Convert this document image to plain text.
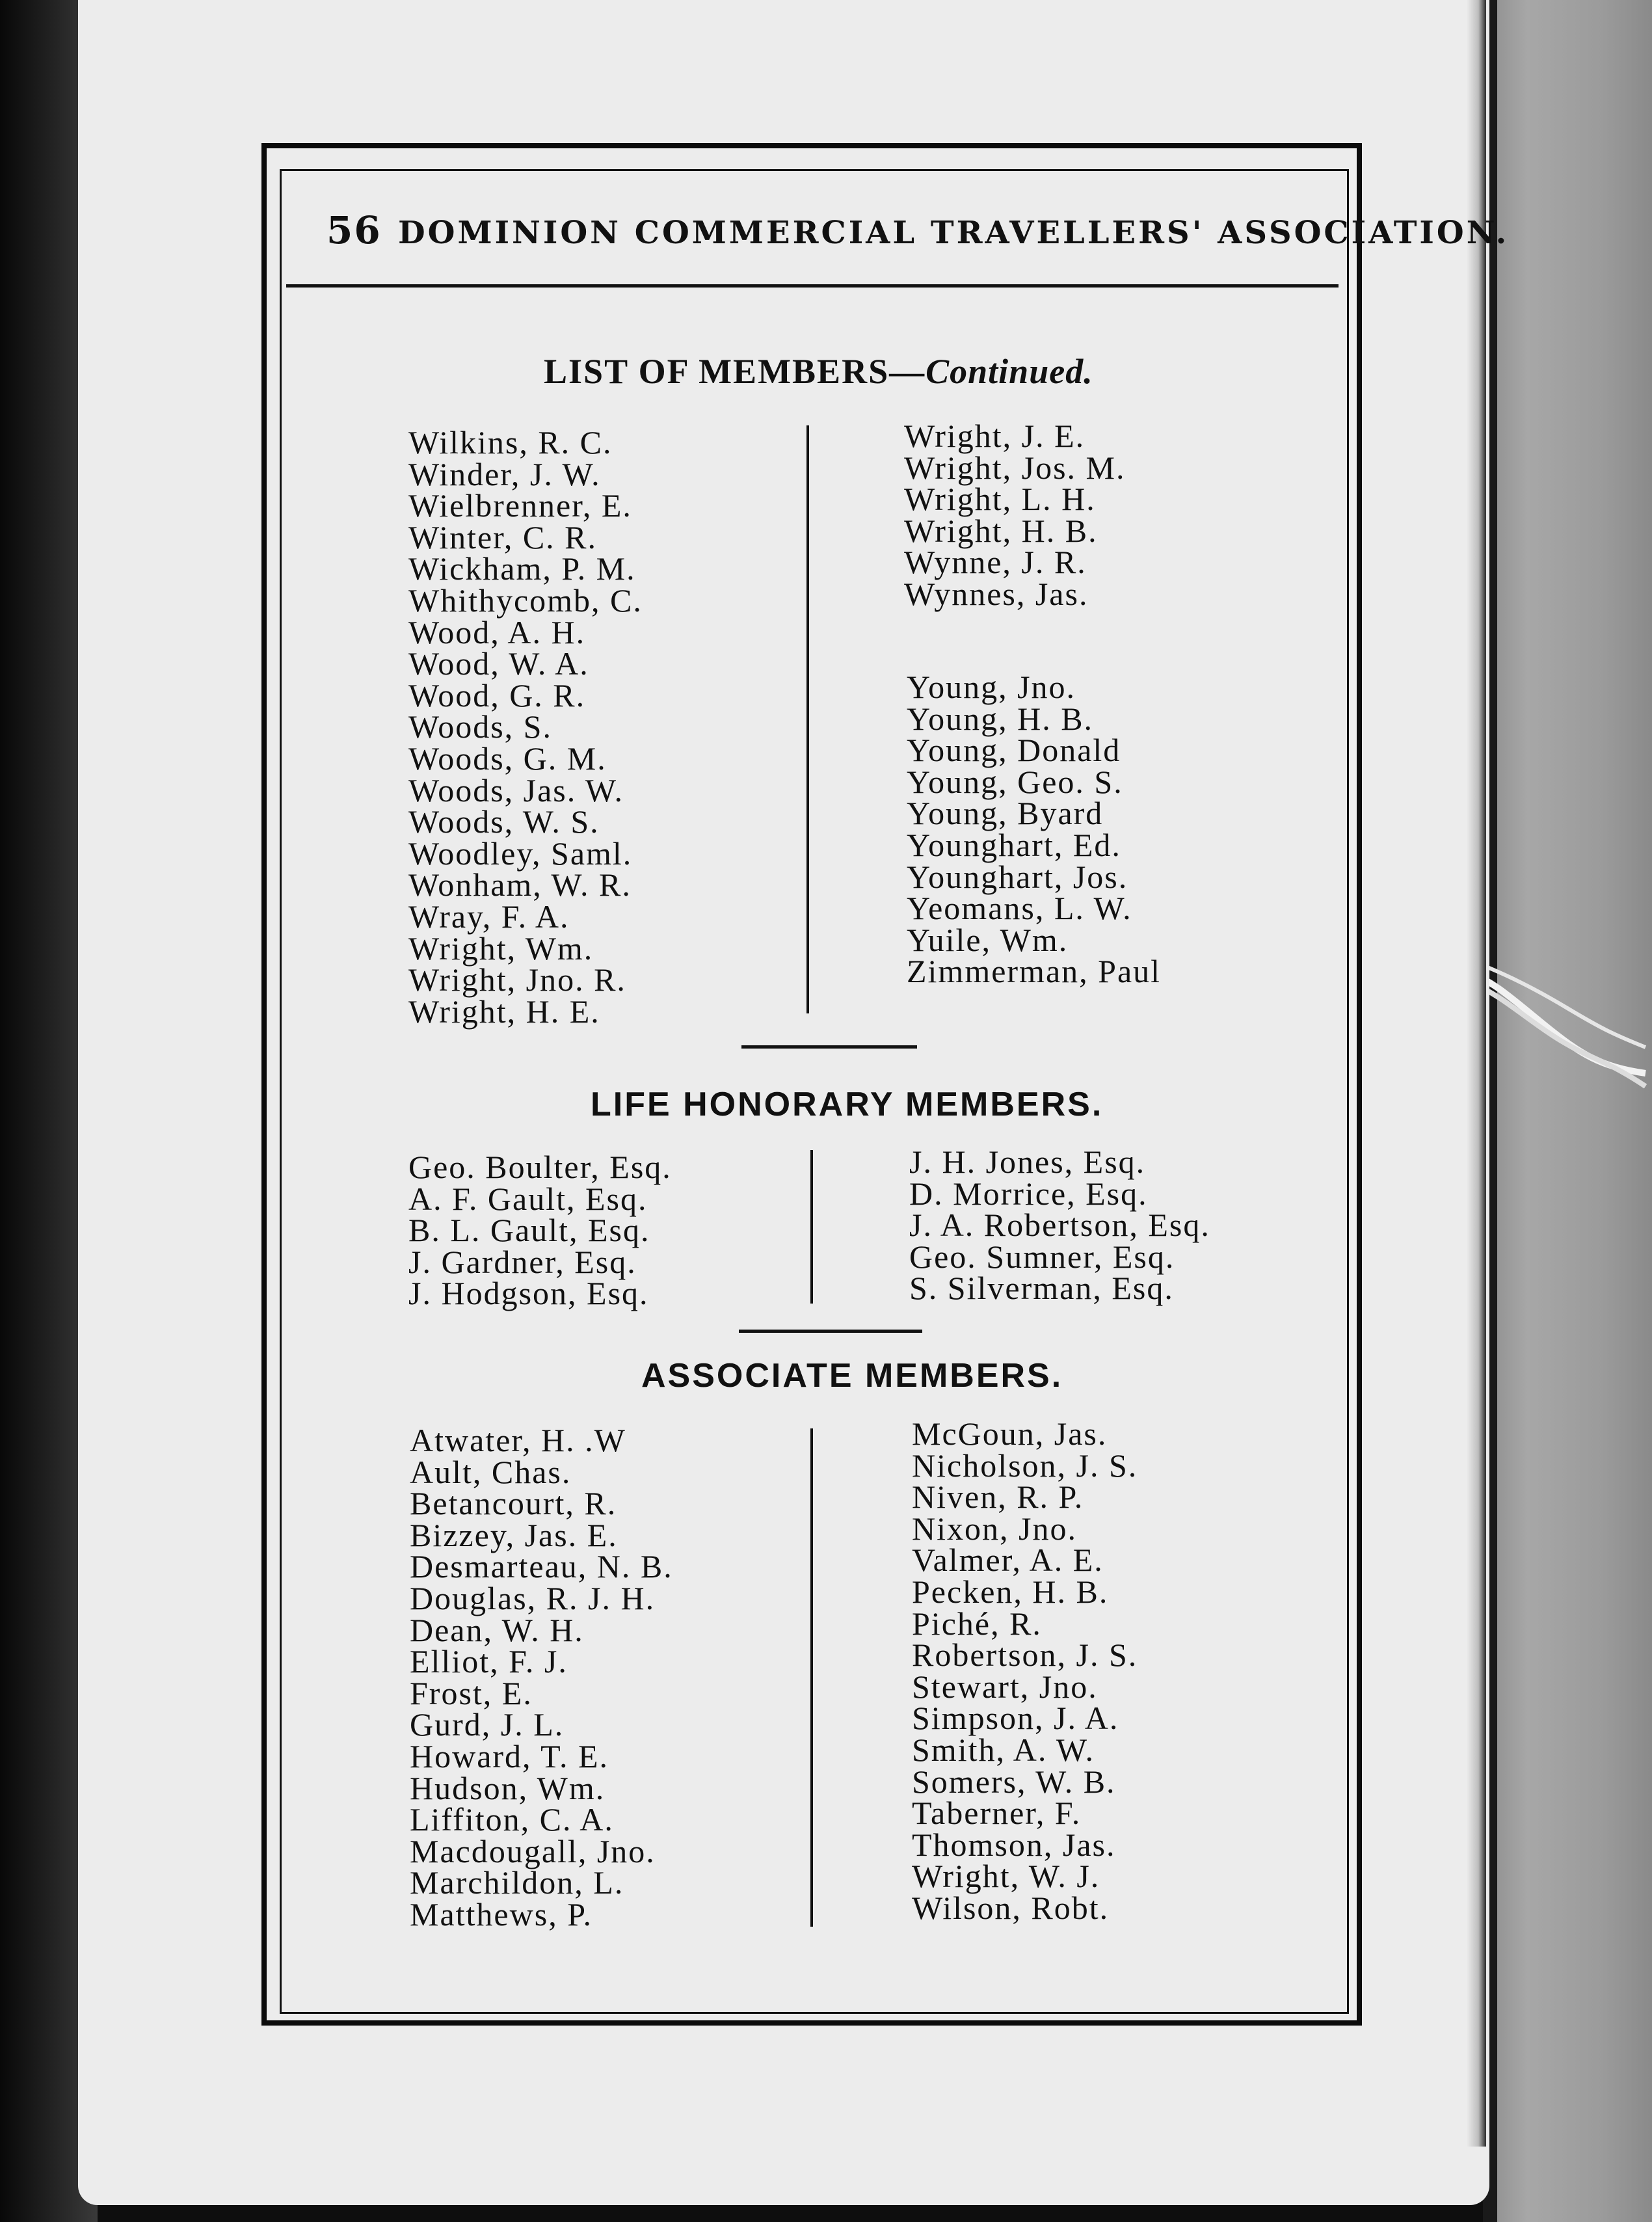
56 DOMINION COMMERCIAL TRAVELLERS' ASSOCIATION.
LIST OF MEMBERS—Continued.
Wilkins, R. C.
Winder, J. W.
Wielbrenner, E.
Winter, C. R.
Wickham, P. M.
Whithycomb, C.
Wood, A. H.
Wood, W. A.
Wood, G. R.
Woods, S.
Woods, G. M.
Woods, Jas. W.
Woods, W. S.
Woodley, Saml.
Wonham, W. R.
Wray, F. A.
Wright, Wm.
Wright, Jno. R.
Wright, H. E.
Wright, J. E.
Wright, Jos. M.
Wright, L. H.
Wright, H. B.
Wynne, J. R.
Wynnes, Jas.
Young, Jno.
Young, H. B.
Young, Donald
Young, Geo. S.
Young, Byard
Younghart, Ed.
Younghart, Jos.
Yeomans, L. W.
Yuile, Wm.
Zimmerman, Paul
LIFE HONORARY MEMBERS.
Geo. Boulter, Esq.
A. F. Gault, Esq.
B. L. Gault, Esq.
J. Gardner, Esq.
J. Hodgson, Esq.
J. H. Jones, Esq.
D. Morrice, Esq.
J. A. Robertson, Esq.
Geo. Sumner, Esq.
S. Silverman, Esq.
ASSOCIATE MEMBERS.
Atwater, H. .W
Ault, Chas.
Betancourt, R.
Bizzey, Jas. E.
Desmarteau, N. B.
Douglas, R. J. H.
Dean, W. H.
Elliot, F. J.
Frost, E.
Gurd, J. L.
Howard, T. E.
Hudson, Wm.
Liffiton, C. A.
Macdougall, Jno.
Marchildon, L.
Matthews, P.
McGoun, Jas.
Nicholson, J. S.
Niven, R. P.
Nixon, Jno.
Valmer, A. E.
Pecken, H. B.
Piché, R.
Robertson, J. S.
Stewart, Jno.
Simpson, J. A.
Smith, A. W.
Somers, W. B.
Taberner, F.
Thomson, Jas.
Wright, W. J.
Wilson, Robt.
